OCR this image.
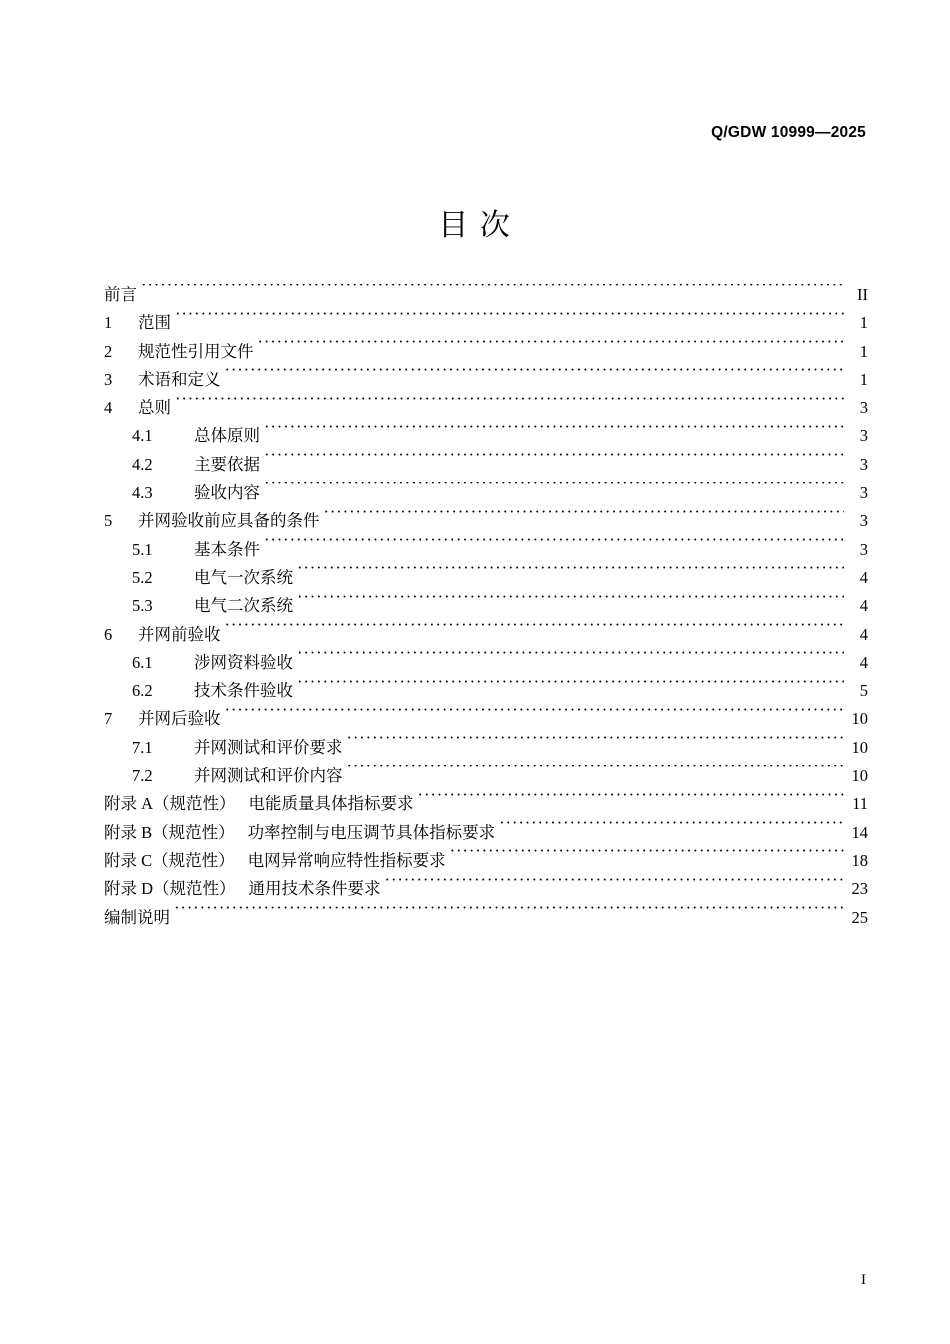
Q/GDW 10999—2025
目 次
前言 ·····	II
1	范围 ·····	1
2	规范性引用文件 ·····	1
3	术语和定义 ·····	1
4	总则 ·····	3
4.1	总体原则 ·····	3
4.2	主要依据 ·····	3
4.3	验收内容 ·····	3
5	并网验收前应具备的条件 ·····	3
5.1	基本条件 ·····	3
5.2	电气一次系统 ·····	4
5.3	电气二次系统 ·····	4
6	并网前验收 ·····	4
6.1	涉网资料验收 ·····	4
6.2	技术条件验收 ·····	5
7	并网后验收 ·····	10
7.1	并网测试和评价要求 ·····	10
7.2	并网测试和评价内容 ·····	10
附录 A（规范性） 电能质量具体指标要求 ·····	11
附录 B（规范性） 功率控制与电压调节具体指标要求 ·····	14
附录 C（规范性） 电网异常响应特性指标要求 ·····	18
附录 D（规范性） 通用技术条件要求 ·····	23
编制说明 ·····	25
I
